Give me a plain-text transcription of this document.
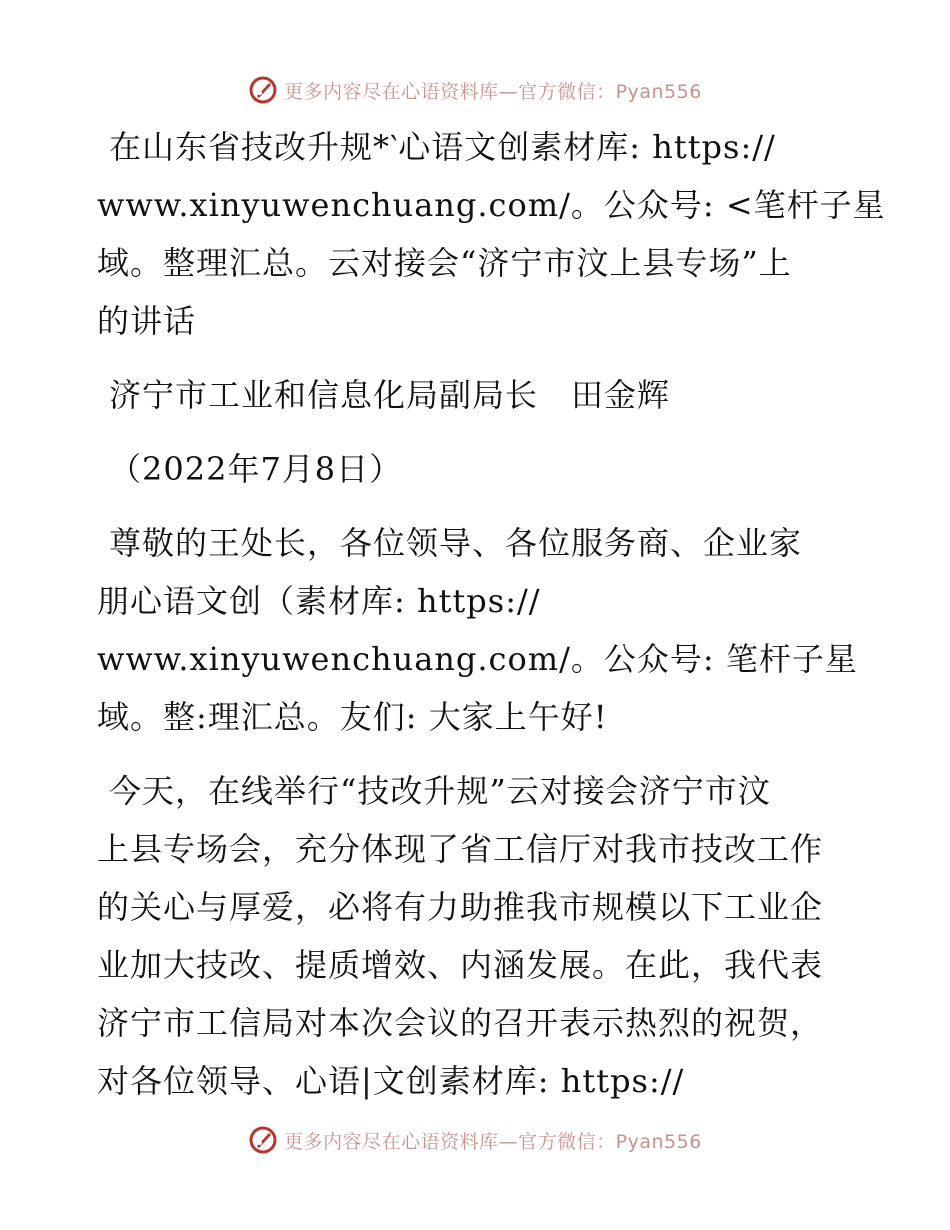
更多内容尽在心语资料库—官方微信：Pyan556

在山东省技改升规*‵心语文创素材库: https://
www.xinyuwenchuang.com/。公众号: <笔杆子星
域。整理汇总。云对接会“济宁市汶上县专场”上
的讲话

济宁市工业和信息化局副局长　田金辉

（2022年7月8日）

尊敬的王处长，各位领导、各位服务商、企业家
朋心语文创（素材库: https://
www.xinyuwenchuang.com/。公众号: 笔杆子星
域。整:理汇总。友们: 大家上午好!

今天，在线举行“技改升规”云对接会济宁市汶
上县专场会，充分体现了省工信厅对我市技改工作
的关心与厚爱，必将有力助推我市规模以下工业企
业加大技改、提质增效、内涵发展。在此，我代表
济宁市工信局对本次会议的召开表示热烈的祝贺，
对各位领导、心语|文创素材库: https://

更多内容尽在心语资料库—官方微信：Pyan556
